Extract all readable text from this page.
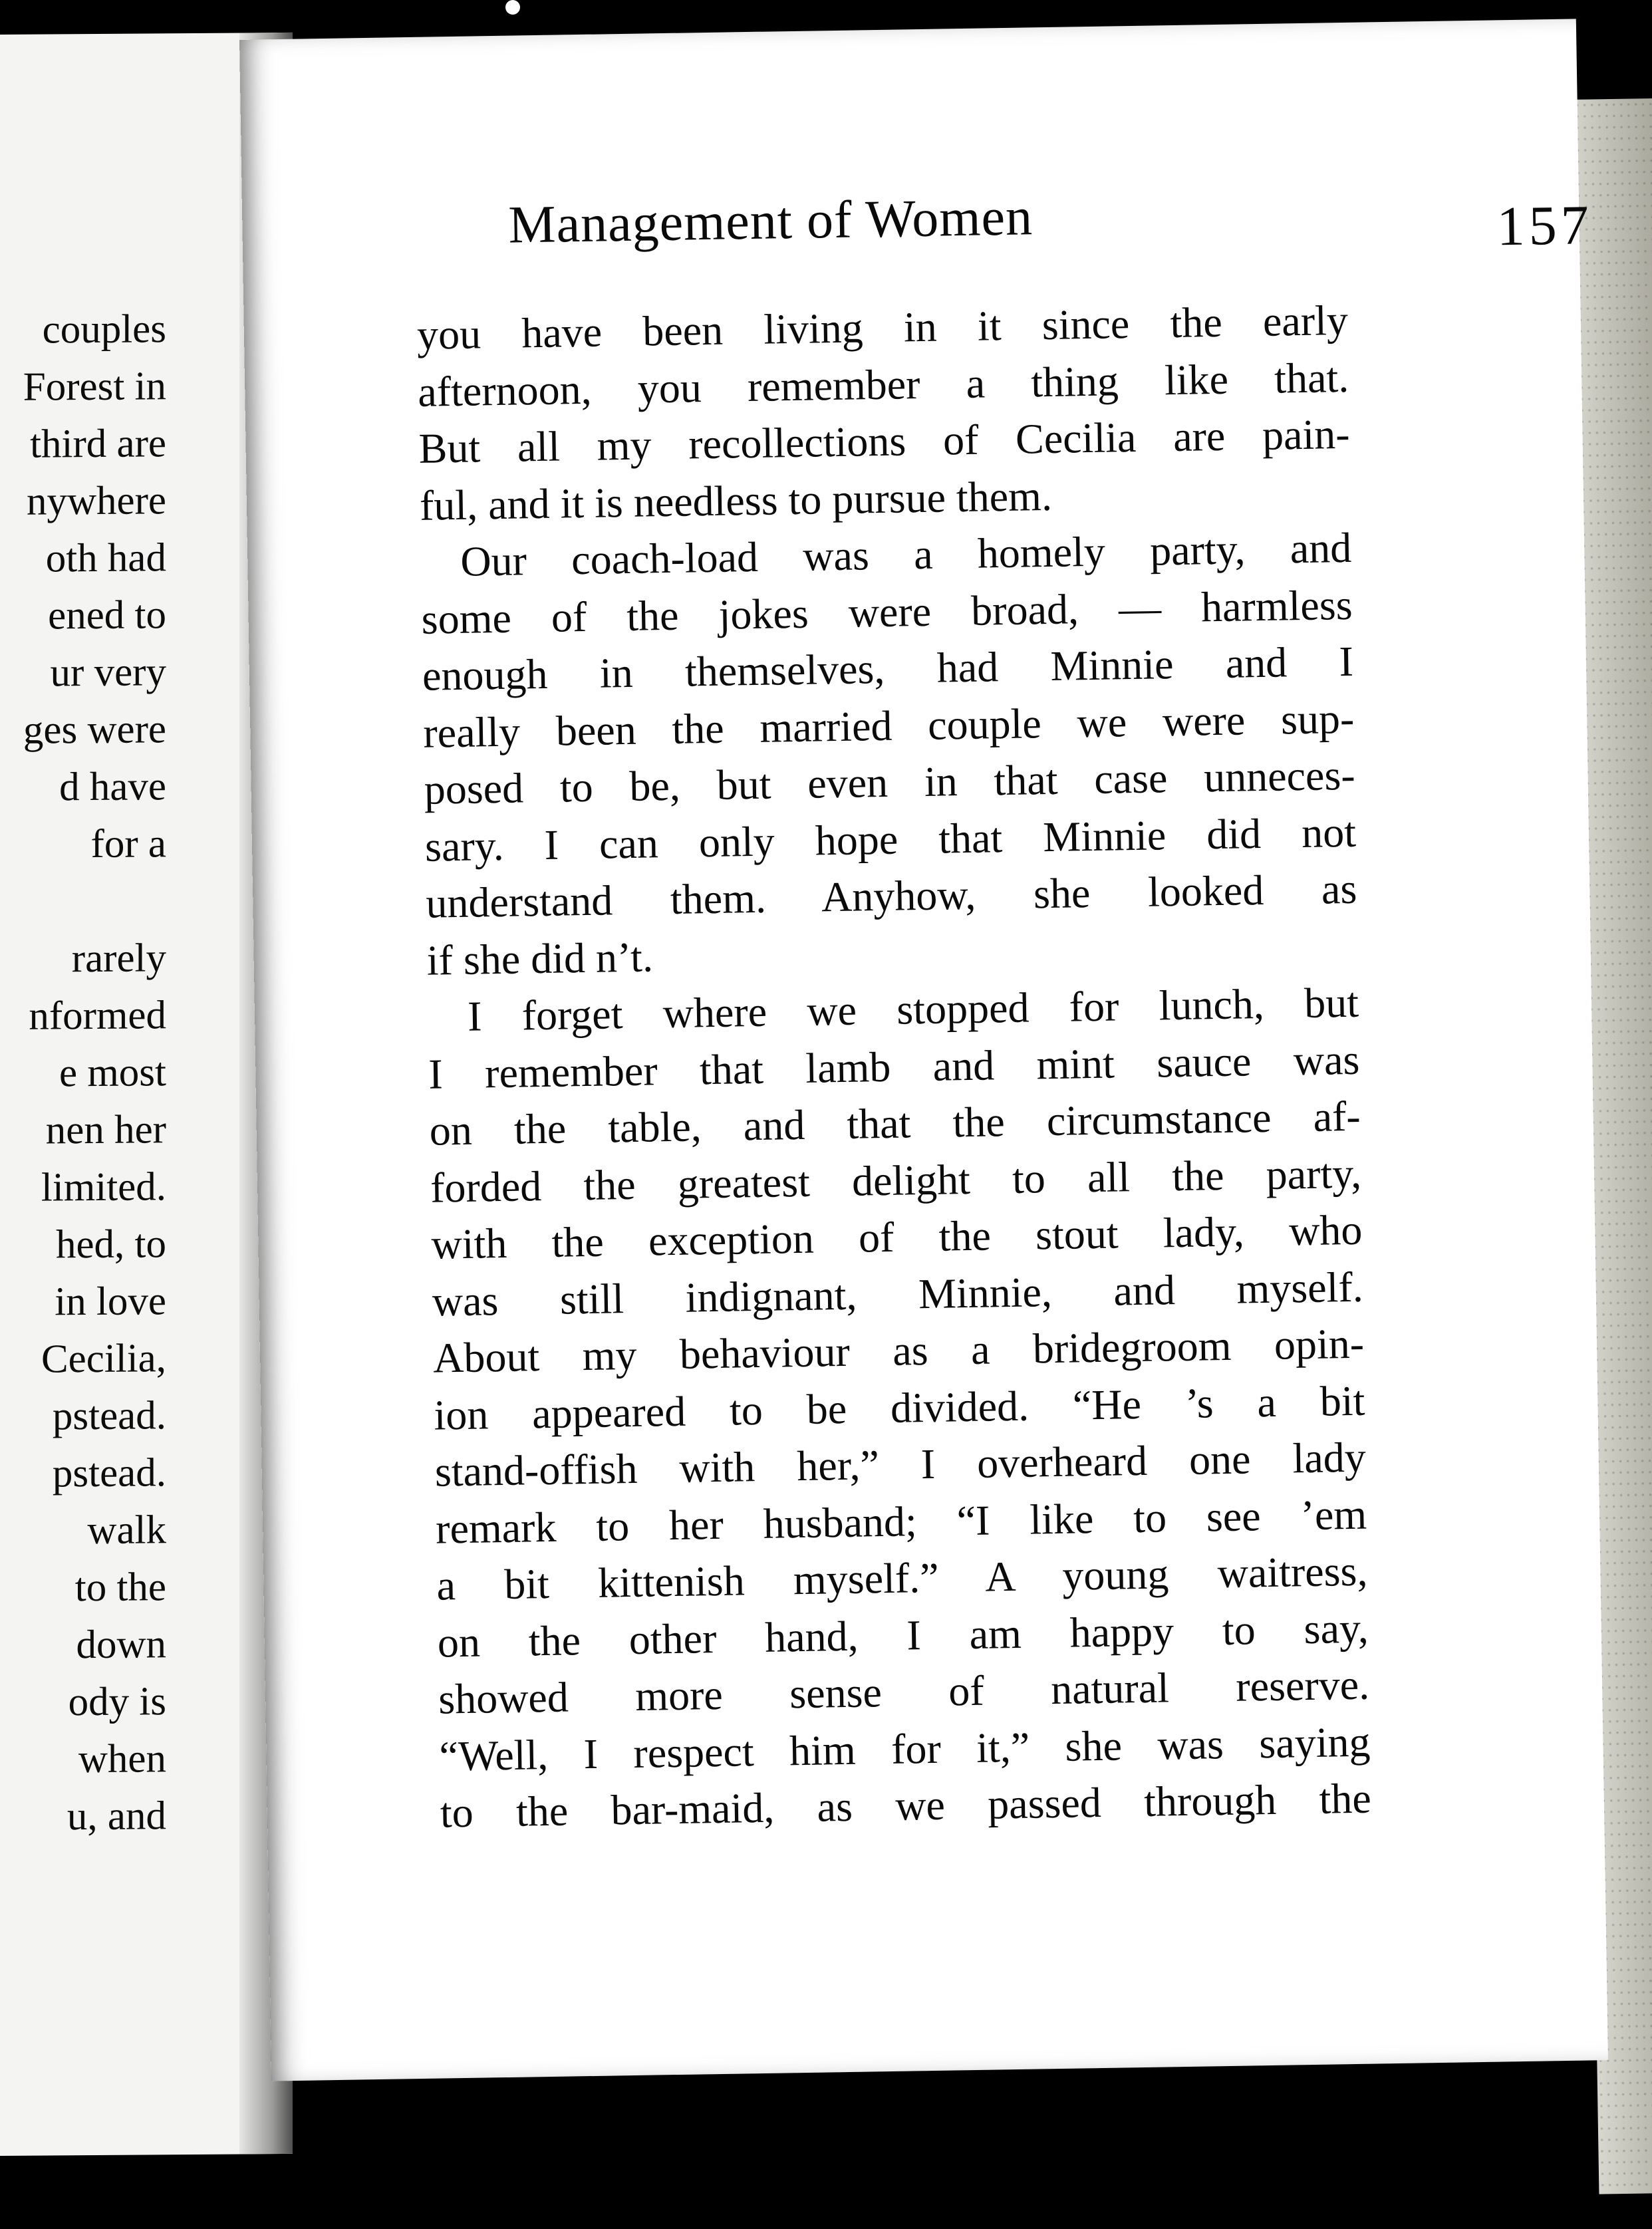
couples
Forest in
third are
nywhere
oth had
ened to
ur very
ges were
d have
for a
rarely
nformed
e most
nen her
limited.
hed, to
in love
Cecilia,
pstead.
pstead.
walk
to the
down
ody is
when
u, and
Management of Women	157
you have been living in it since the early
afternoon, you remember a thing like that.
But all my recollections of Cecilia are pain-
ful, and it is needless to pursue them.
Our coach-load was a homely party, and
some of the jokes were broad, — harmless
enough in themselves, had Minnie and I
really been the married couple we were sup-
posed to be, but even in that case unneces-
sary. I can only hope that Minnie did not
understand them. Anyhow, she looked as
if she did n’t.
I forget where we stopped for lunch, but
I remember that lamb and mint sauce was
on the table, and that the circumstance af-
forded the greatest delight to all the party,
with the exception of the stout lady, who
was still indignant, Minnie, and myself.
About my behaviour as a bridegroom opin-
ion appeared to be divided. “He ’s a bit
stand-offish with her,” I overheard one lady
remark to her husband; “I like to see ’em
a bit kittenish myself.” A young waitress,
on the other hand, I am happy to say,
showed more sense of natural reserve.
“Well, I respect him for it,” she was saying
to the bar-maid, as we passed through the
